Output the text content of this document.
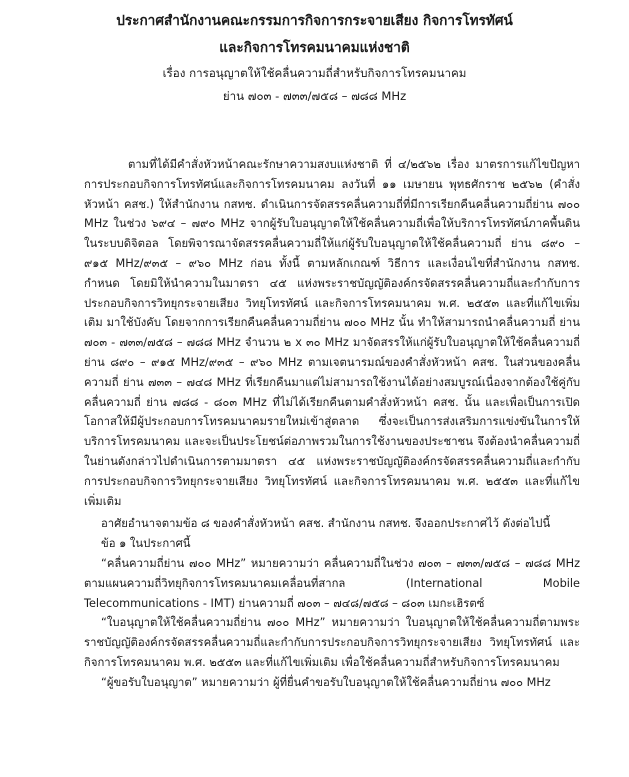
ประกาศสำนักงานคณะกรรมการกิจการกระจายเสียง กิจการโทรทัศน์
และกิจการโทรคมนาคมแห่งชาติ
เรื่อง การอนุญาตให้ใช้คลื่นความถี่สำหรับกิจการโทรคมนาคม
ย่าน ๗๐๓ - ๗๓๓/๗๕๘ – ๗๘๘ MHz

ตามที่ได้มีคำสั่งหัวหน้าคณะรักษาความสงบแห่งชาติ ที่ ๔/๒๕๖๒ เรื่อง มาตรการแก้ไขปัญหาการประกอบกิจการโทรทัศน์และกิจการโทรคมนาคม ลงวันที่ ๑๑ เมษายน พุทธศักราช ๒๕๖๒ (คำสั่งหัวหน้า คสช.) ให้สำนักงาน กสทช. ดำเนินการจัดสรรคลื่นความถี่ที่มีการเรียกคืนคลื่นความถี่ย่าน ๗๐๐ MHz ในช่วง ๖๙๔ – ๗๙๐ MHz จากผู้รับใบอนุญาตให้ใช้คลื่นความถี่เพื่อให้บริการโทรทัศน์ภาคพื้นดินในระบบดิจิตอล โดยพิจารณาจัดสรรคลื่นความถี่ให้แก่ผู้รับใบอนุญาตให้ใช้คลื่นความถี่ ย่าน ๘๙๐ – ๙๑๕ MHz/๙๓๕ – ๙๖๐ MHz ก่อน ทั้งนี้ ตามหลักเกณฑ์ วิธีการ และเงื่อนไขที่สำนักงาน กสทช. กำหนด โดยมิให้นำความในมาตรา ๔๕ แห่งพระราชบัญญัติองค์กรจัดสรรคลื่นความถี่และกำกับการประกอบกิจการวิทยุกระจายเสียง วิทยุโทรทัศน์ และกิจการโทรคมนาคม พ.ศ. ๒๕๕๓ และที่แก้ไขเพิ่มเติม มาใช้บังคับ โดยจากการเรียกคืนคลื่นความถี่ย่าน ๗๐๐ MHz นั้น ทำให้สามารถนำคลื่นความถี่ ย่าน ๗๐๓ - ๗๓๓/๗๕๘ – ๗๘๘ MHz จำนวน ๒ x ๓๐ MHz มาจัดสรรให้แก่ผู้รับใบอนุญาตให้ใช้คลื่นความถี่ ย่าน ๘๙๐ – ๙๑๕ MHz/๙๓๕ – ๙๖๐ MHz ตามเจตนารมณ์ของคำสั่งหัวหน้า คสช. ในส่วนของคลื่นความถี่ ย่าน ๗๓๓ – ๗๔๘ MHz ที่เรียกคืนมาแต่ไม่สามารถใช้งานได้อย่างสมบูรณ์เนื่องจากต้องใช้คู่กับคลื่นความถี่ ย่าน ๗๘๘ - ๘๐๓ MHz ที่ไม่ได้เรียกคืนตามคำสั่งหัวหน้า คสช. นั้น และเพื่อเป็นการเปิดโอกาสให้มีผู้ประกอบการโทรคมนาคมรายใหม่เข้าสู่ตลาด ซึ่งจะเป็นการส่งเสริมการแข่งขันในการให้บริการโทรคมนาคม และจะเป็นประโยชน์ต่อภาพรวมในการใช้งานของประชาชน จึงต้องนำคลื่นความถี่ในย่านดังกล่าวไปดำเนินการตามมาตรา ๔๕ แห่งพระราชบัญญัติองค์กรจัดสรรคลื่นความถี่และกำกับการประกอบกิจการวิทยุกระจายเสียง วิทยุโทรทัศน์ และกิจการโทรคมนาคม พ.ศ. ๒๕๕๓ และที่แก้ไขเพิ่มเติม

อาศัยอำนาจตามข้อ ๘ ของคำสั่งหัวหน้า คสช. สำนักงาน กสทช. จึงออกประกาศไว้ ดังต่อไปนี้

ข้อ ๑ ในประกาศนี้

“คลื่นความถี่ย่าน ๗๐๐ MHz” หมายความว่า คลื่นความถี่ในช่วง ๗๐๓ – ๗๓๓/๗๕๘ – ๗๘๘ MHz ตามแผนความถี่วิทยุกิจการโทรคมนาคมเคลื่อนที่สากล (International Mobile Telecommunications - IMT) ย่านความถี่ ๗๐๓ – ๗๔๘/๗๕๘ – ๘๐๓ เมกะเฮิรตซ์

“ใบอนุญาตให้ใช้คลื่นความถี่ย่าน ๗๐๐ MHz” หมายความว่า ใบอนุญาตให้ใช้คลื่นความถี่ตามพระราชบัญญัติองค์กรจัดสรรคลื่นความถี่และกำกับการประกอบกิจการวิทยุกระจายเสียง วิทยุโทรทัศน์ และกิจการโทรคมนาคม พ.ศ. ๒๕๕๓ และที่แก้ไขเพิ่มเติม เพื่อใช้คลื่นความถี่สำหรับกิจการโทรคมนาคม

“ผู้ขอรับใบอนุญาต” หมายความว่า ผู้ที่ยื่นคำขอรับใบอนุญาตให้ใช้คลื่นความถี่ย่าน ๗๐๐ MHz
